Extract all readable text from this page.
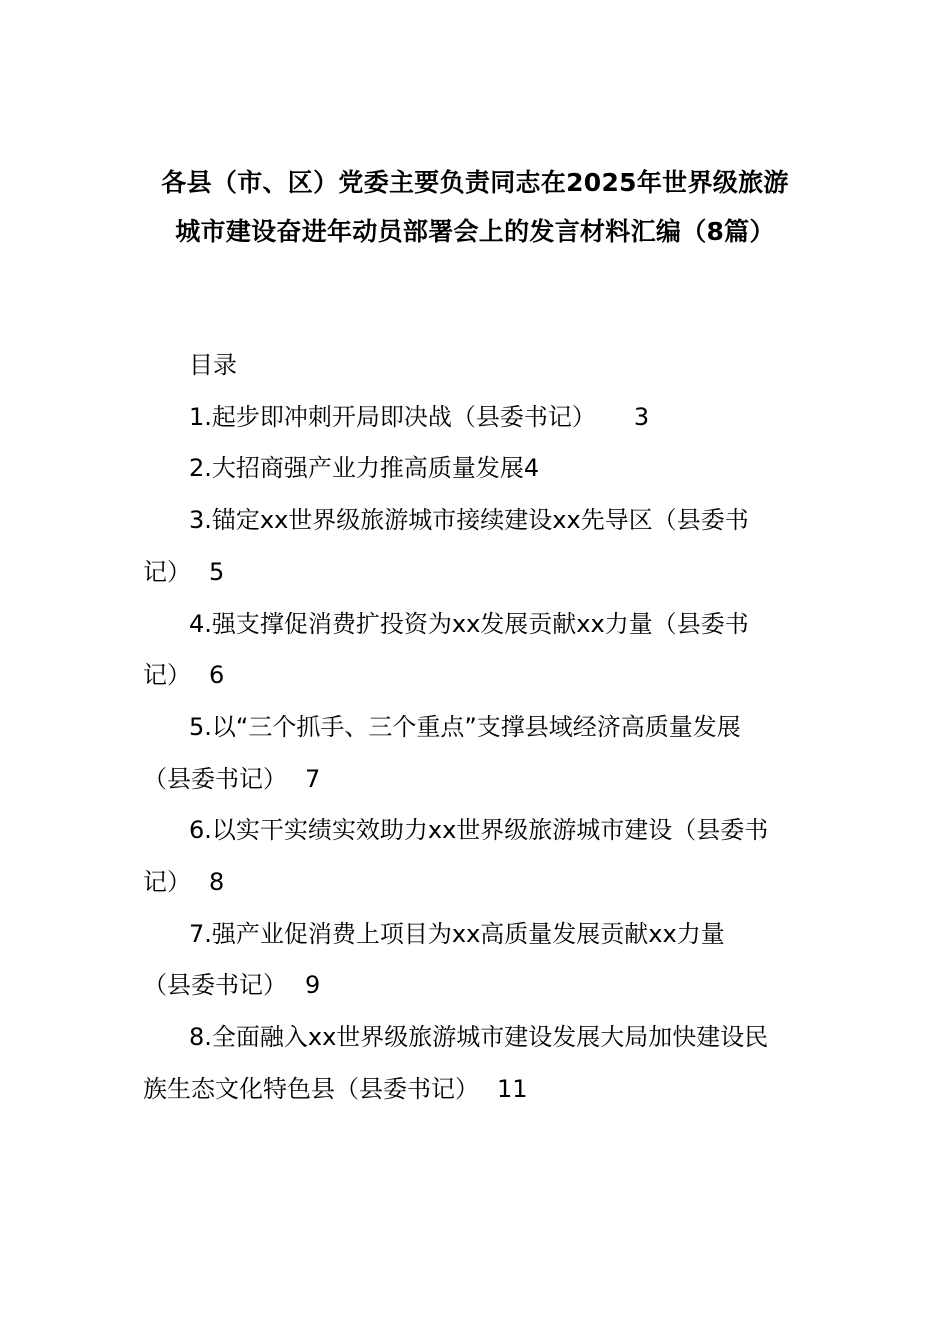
各县（市、区）党委主要负责同志在2025年世界级旅游
城市建设奋进年动员部署会上的发言材料汇编（8篇）
目录
1.起步即冲刺开局即决战（县委书记） 3
2.大招商强产业力推高质量发展4
3.锚定xx世界级旅游城市接续建设xx先导区（县委书
记） 5
4.强支撑促消费扩投资为xx发展贡献xx力量（县委书
记） 6
5.以“三个抓手、三个重点”支撑县域经济高质量发展
（县委书记） 7
6.以实干实绩实效助力xx世界级旅游城市建设（县委书
记） 8
7.强产业促消费上项目为xx高质量发展贡献xx力量
（县委书记） 9
8.全面融入xx世界级旅游城市建设发展大局加快建设民
族生态文化特色县（县委书记） 11
